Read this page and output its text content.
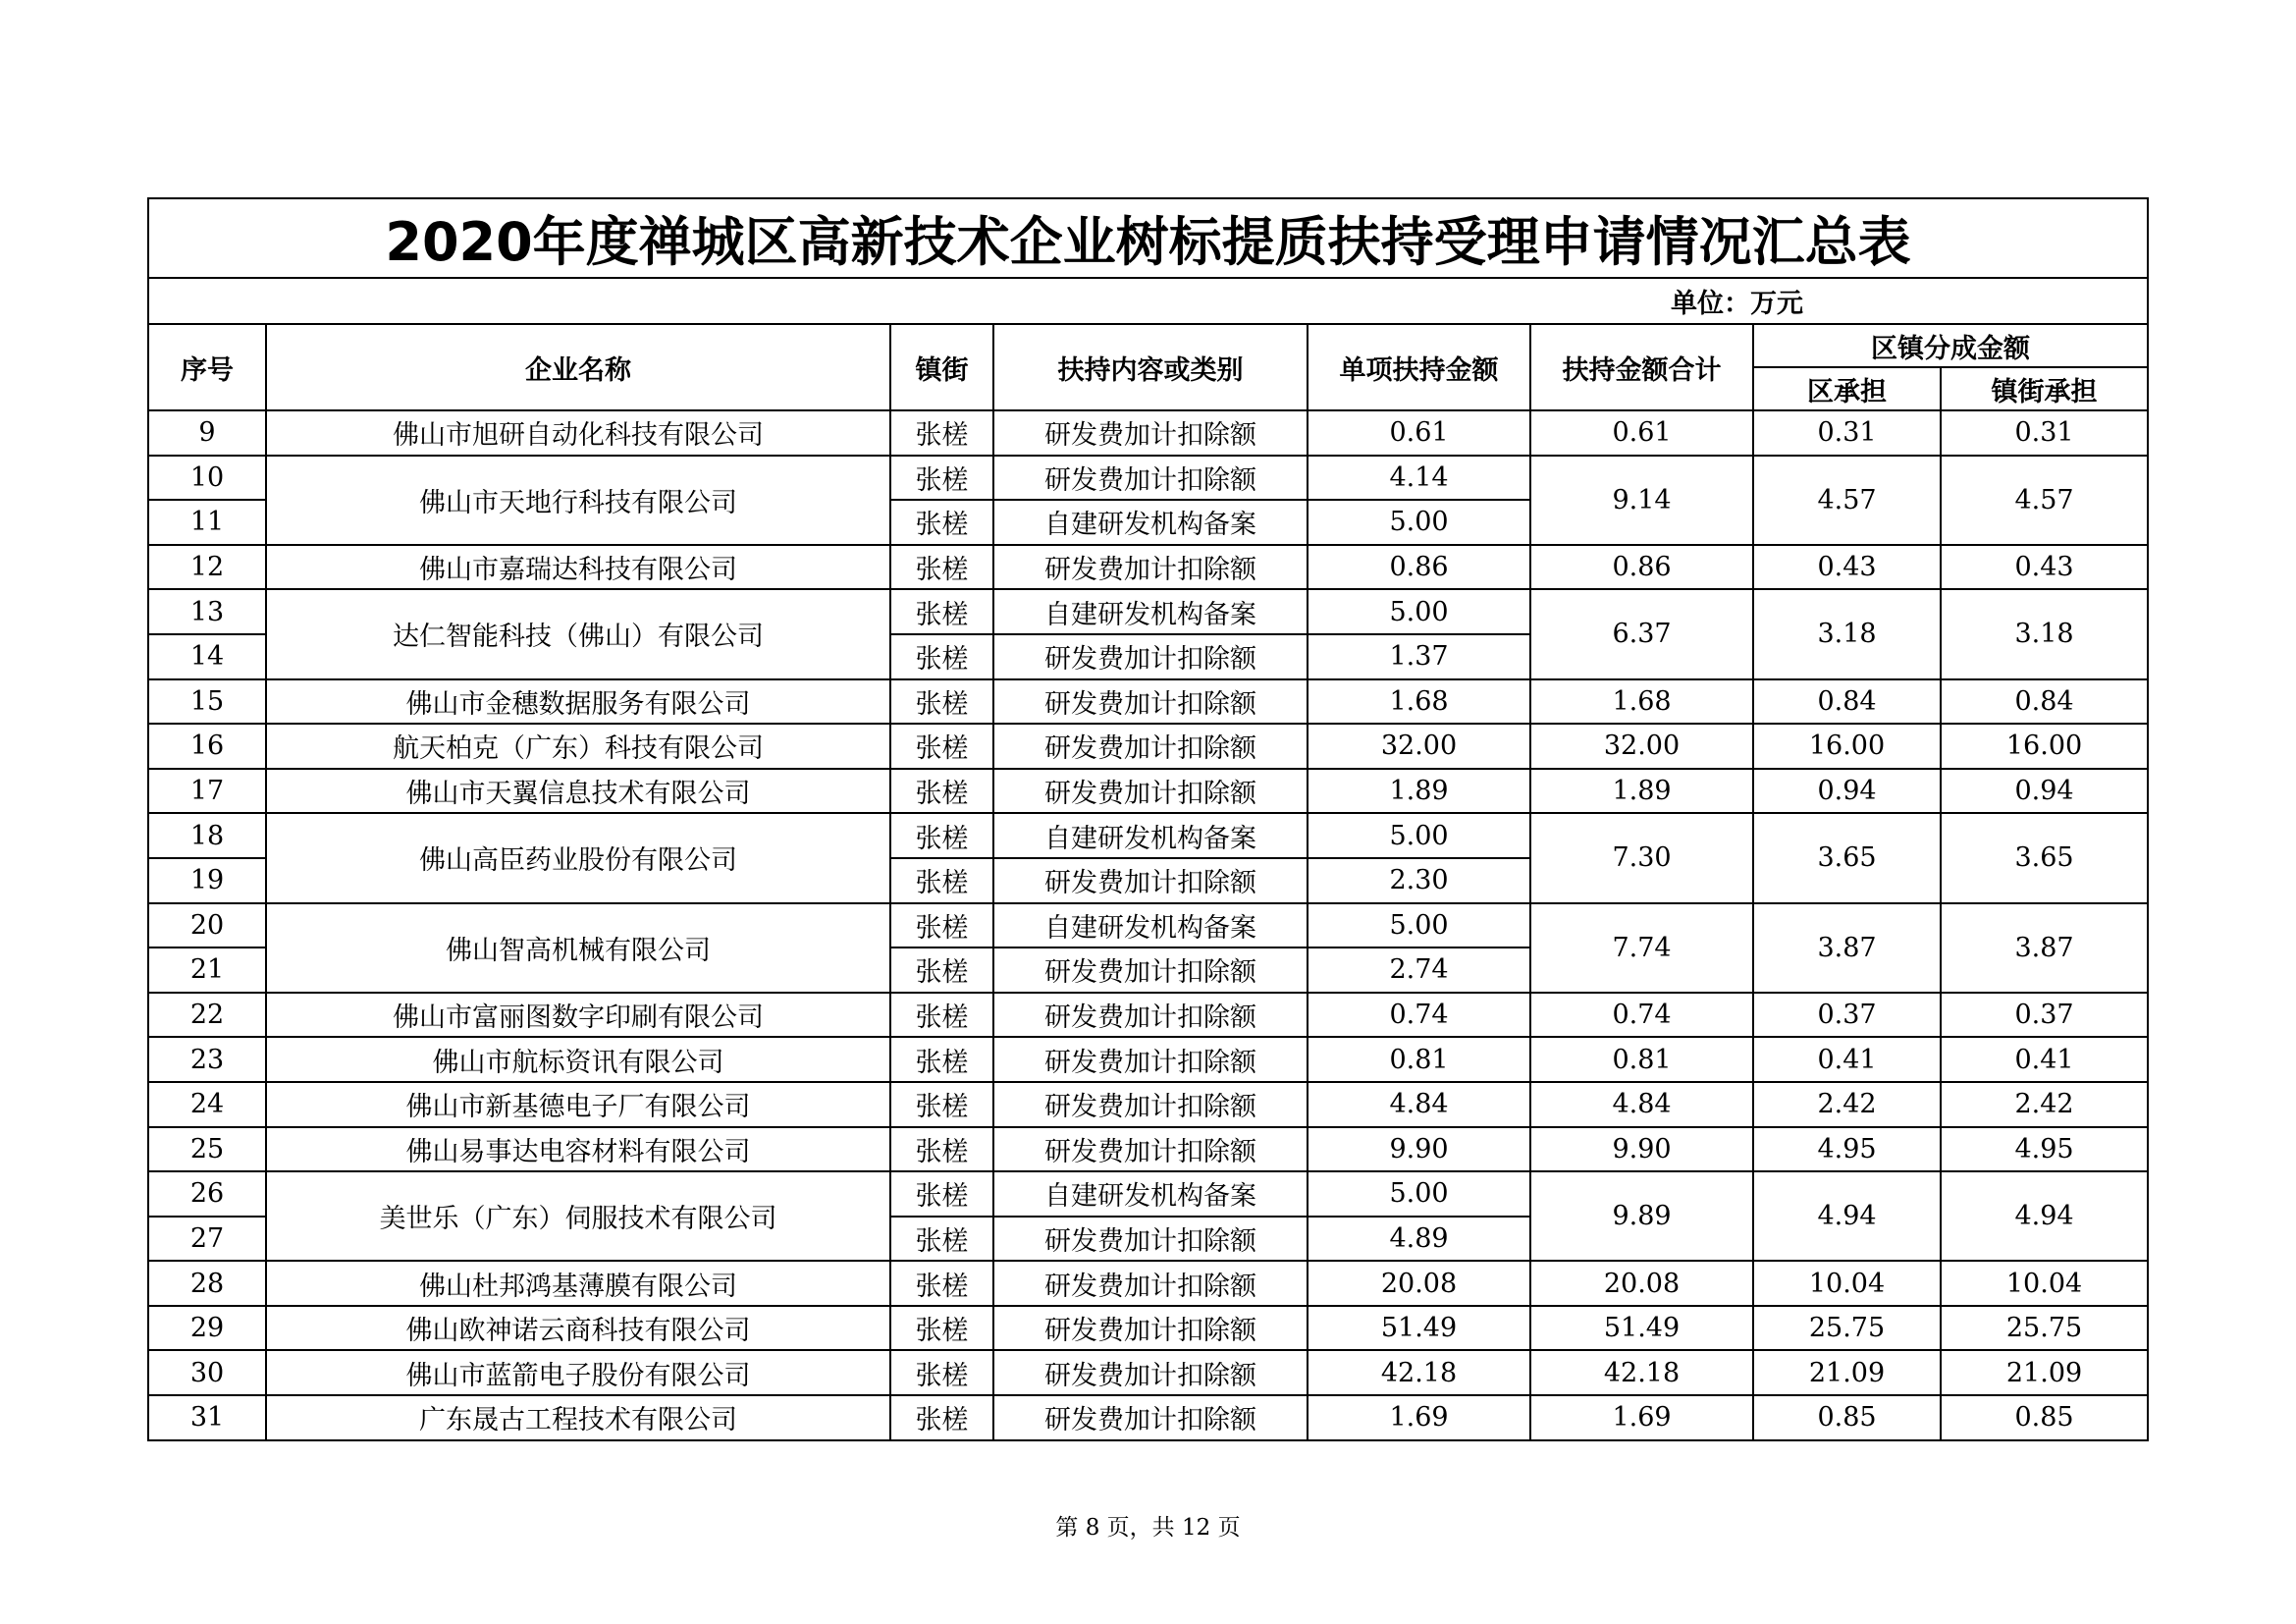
2020年度禅城区高新技术企业树标提质扶持受理申请情况汇总表							
单位：万元							
序号	企业名称	镇街	扶持内容或类别	单项扶持金额	扶持金额合计	区镇分成金额	
						区承担	镇街承担
9	佛山市旭研自动化科技有限公司	张槎	研发费加计扣除额	0.61	0.61	0.31	0.31
10	佛山市天地行科技有限公司	张槎	研发费加计扣除额	4.14	9.14	4.57	4.57
11		张槎	自建研发机构备案	5.00			
12	佛山市嘉瑞达科技有限公司	张槎	研发费加计扣除额	0.86	0.86	0.43	0.43
13	达仁智能科技（佛山）有限公司	张槎	自建研发机构备案	5.00	6.37	3.18	3.18
14		张槎	研发费加计扣除额	1.37			
15	佛山市金穗数据服务有限公司	张槎	研发费加计扣除额	1.68	1.68	0.84	0.84
16	航天柏克（广东）科技有限公司	张槎	研发费加计扣除额	32.00	32.00	16.00	16.00
17	佛山市天翼信息技术有限公司	张槎	研发费加计扣除额	1.89	1.89	0.94	0.94
18	佛山高臣药业股份有限公司	张槎	自建研发机构备案	5.00	7.30	3.65	3.65
19		张槎	研发费加计扣除额	2.30			
20	佛山智高机械有限公司	张槎	自建研发机构备案	5.00	7.74	3.87	3.87
21		张槎	研发费加计扣除额	2.74			
22	佛山市富丽图数字印刷有限公司	张槎	研发费加计扣除额	0.74	0.74	0.37	0.37
23	佛山市航标资讯有限公司	张槎	研发费加计扣除额	0.81	0.81	0.41	0.41
24	佛山市新基德电子厂有限公司	张槎	研发费加计扣除额	4.84	4.84	2.42	2.42
25	佛山易事达电容材料有限公司	张槎	研发费加计扣除额	9.90	9.90	4.95	4.95
26	美世乐（广东）伺服技术有限公司	张槎	自建研发机构备案	5.00	9.89	4.94	4.94
27		张槎	研发费加计扣除额	4.89			
28	佛山杜邦鸿基薄膜有限公司	张槎	研发费加计扣除额	20.08	20.08	10.04	10.04
29	佛山欧神诺云商科技有限公司	张槎	研发费加计扣除额	51.49	51.49	25.75	25.75
30	佛山市蓝箭电子股份有限公司	张槎	研发费加计扣除额	42.18	42.18	21.09	21.09
31	广东晟古工程技术有限公司	张槎	研发费加计扣除额	1.69	1.69	0.85	0.85
第 8 页，共 12 页
